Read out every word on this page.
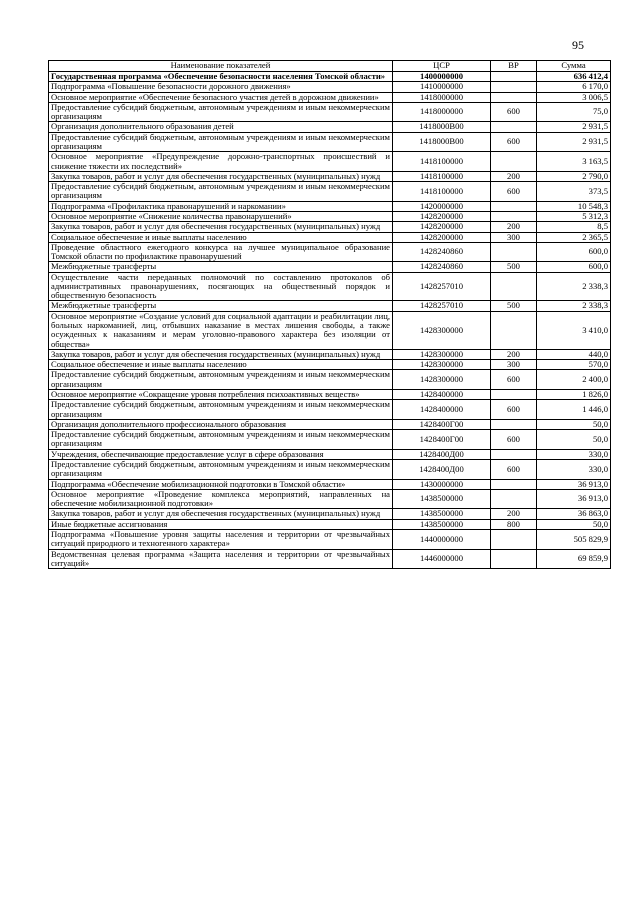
95
Наименование показателей	ЦСР	ВР	Сумма
Государственная программа «Обеспечение безопасности населения Томской области»	1400000000		636 412,4
Подпрограмма «Повышение безопасности дорожного движения»	1410000000		6 170,0
Основное мероприятие «Обеспечение безопасного участия детей в дорожном движении»	1418000000		3 006,5
Предоставление субсидий бюджетным, автономным учреждениям и иным некоммерческим организациям	1418000000	600	75,0
Организация дополнительного образования детей	1418000В00		2 931,5
Предоставление субсидий бюджетным, автономным учреждениям и иным некоммерческим организациям	1418000В00	600	2 931,5
Основное мероприятие «Предупреждение дорожно-транспортных происшествий и снижение тяжести их последствий»	1418100000		3 163,5
Закупка товаров, работ и услуг для обеспечения государственных (муниципальных) нужд	1418100000	200	2 790,0
Предоставление субсидий бюджетным, автономным учреждениям и иным некоммерческим организациям	1418100000	600	373,5
Подпрограмма «Профилактика правонарушений и наркомании»	1420000000		10 548,3
Основное мероприятие «Снижение количества правонарушений»	1428200000		5 312,3
Закупка товаров, работ и услуг для обеспечения государственных (муниципальных) нужд	1428200000	200	8,5
Социальное обеспечение и иные выплаты населению	1428200000	300	2 365,5
Проведение областного ежегодного конкурса на лучшее муниципальное образование Томской области по профилактике правонарушений	1428240860		600,0
Межбюджетные трансферты	1428240860	500	600,0
Осуществление части переданных полномочий по составлению протоколов об административных правонарушениях, посягающих на общественный порядок и общественную безопасность	1428257010		2 338,3
Межбюджетные трансферты	1428257010	500	2 338,3
Основное мероприятие «Создание условий для социальной адаптации и реабилитации лиц, больных наркоманией, лиц, отбывших наказание в местах лишения свободы, а также осужденных к наказаниям и мерам уголовно-правового характера без изоляции от общества»	1428300000		3 410,0
Закупка товаров, работ и услуг для обеспечения государственных (муниципальных) нужд	1428300000	200	440,0
Социальное обеспечение и иные выплаты населению	1428300000	300	570,0
Предоставление субсидий бюджетным, автономным учреждениям и иным некоммерческим организациям	1428300000	600	2 400,0
Основное мероприятие «Сокращение уровня потребления психоактивных веществ»	1428400000		1 826,0
Предоставление субсидий бюджетным, автономным учреждениям и иным некоммерческим организациям	1428400000	600	1 446,0
Организация дополнительного профессионального образования	1428400Г00		50,0
Предоставление субсидий бюджетным, автономным учреждениям и иным некоммерческим организациям	1428400Г00	600	50,0
Учреждения, обеспечивающие предоставление услуг в сфере образования	1428400Д00		330,0
Предоставление субсидий бюджетным, автономным учреждениям и иным некоммерческим организациям	1428400Д00	600	330,0
Подпрограмма «Обеспечение мобилизационной подготовки в Томской области»	1430000000		36 913,0
Основное мероприятие «Проведение комплекса мероприятий, направленных на обеспечение мобилизационной подготовки»	1438500000		36 913,0
Закупка товаров, работ и услуг для обеспечения государственных (муниципальных) нужд	1438500000	200	36 863,0
Иные бюджетные ассигнования	1438500000	800	50,0
Подпрограмма «Повышение уровня защиты населения и территории от чрезвычайных ситуаций природного и техногенного характера»	1440000000		505 829,9
Ведомственная целевая программа «Защита населения и территории от чрезвычайных ситуаций»	1446000000		69 859,9
